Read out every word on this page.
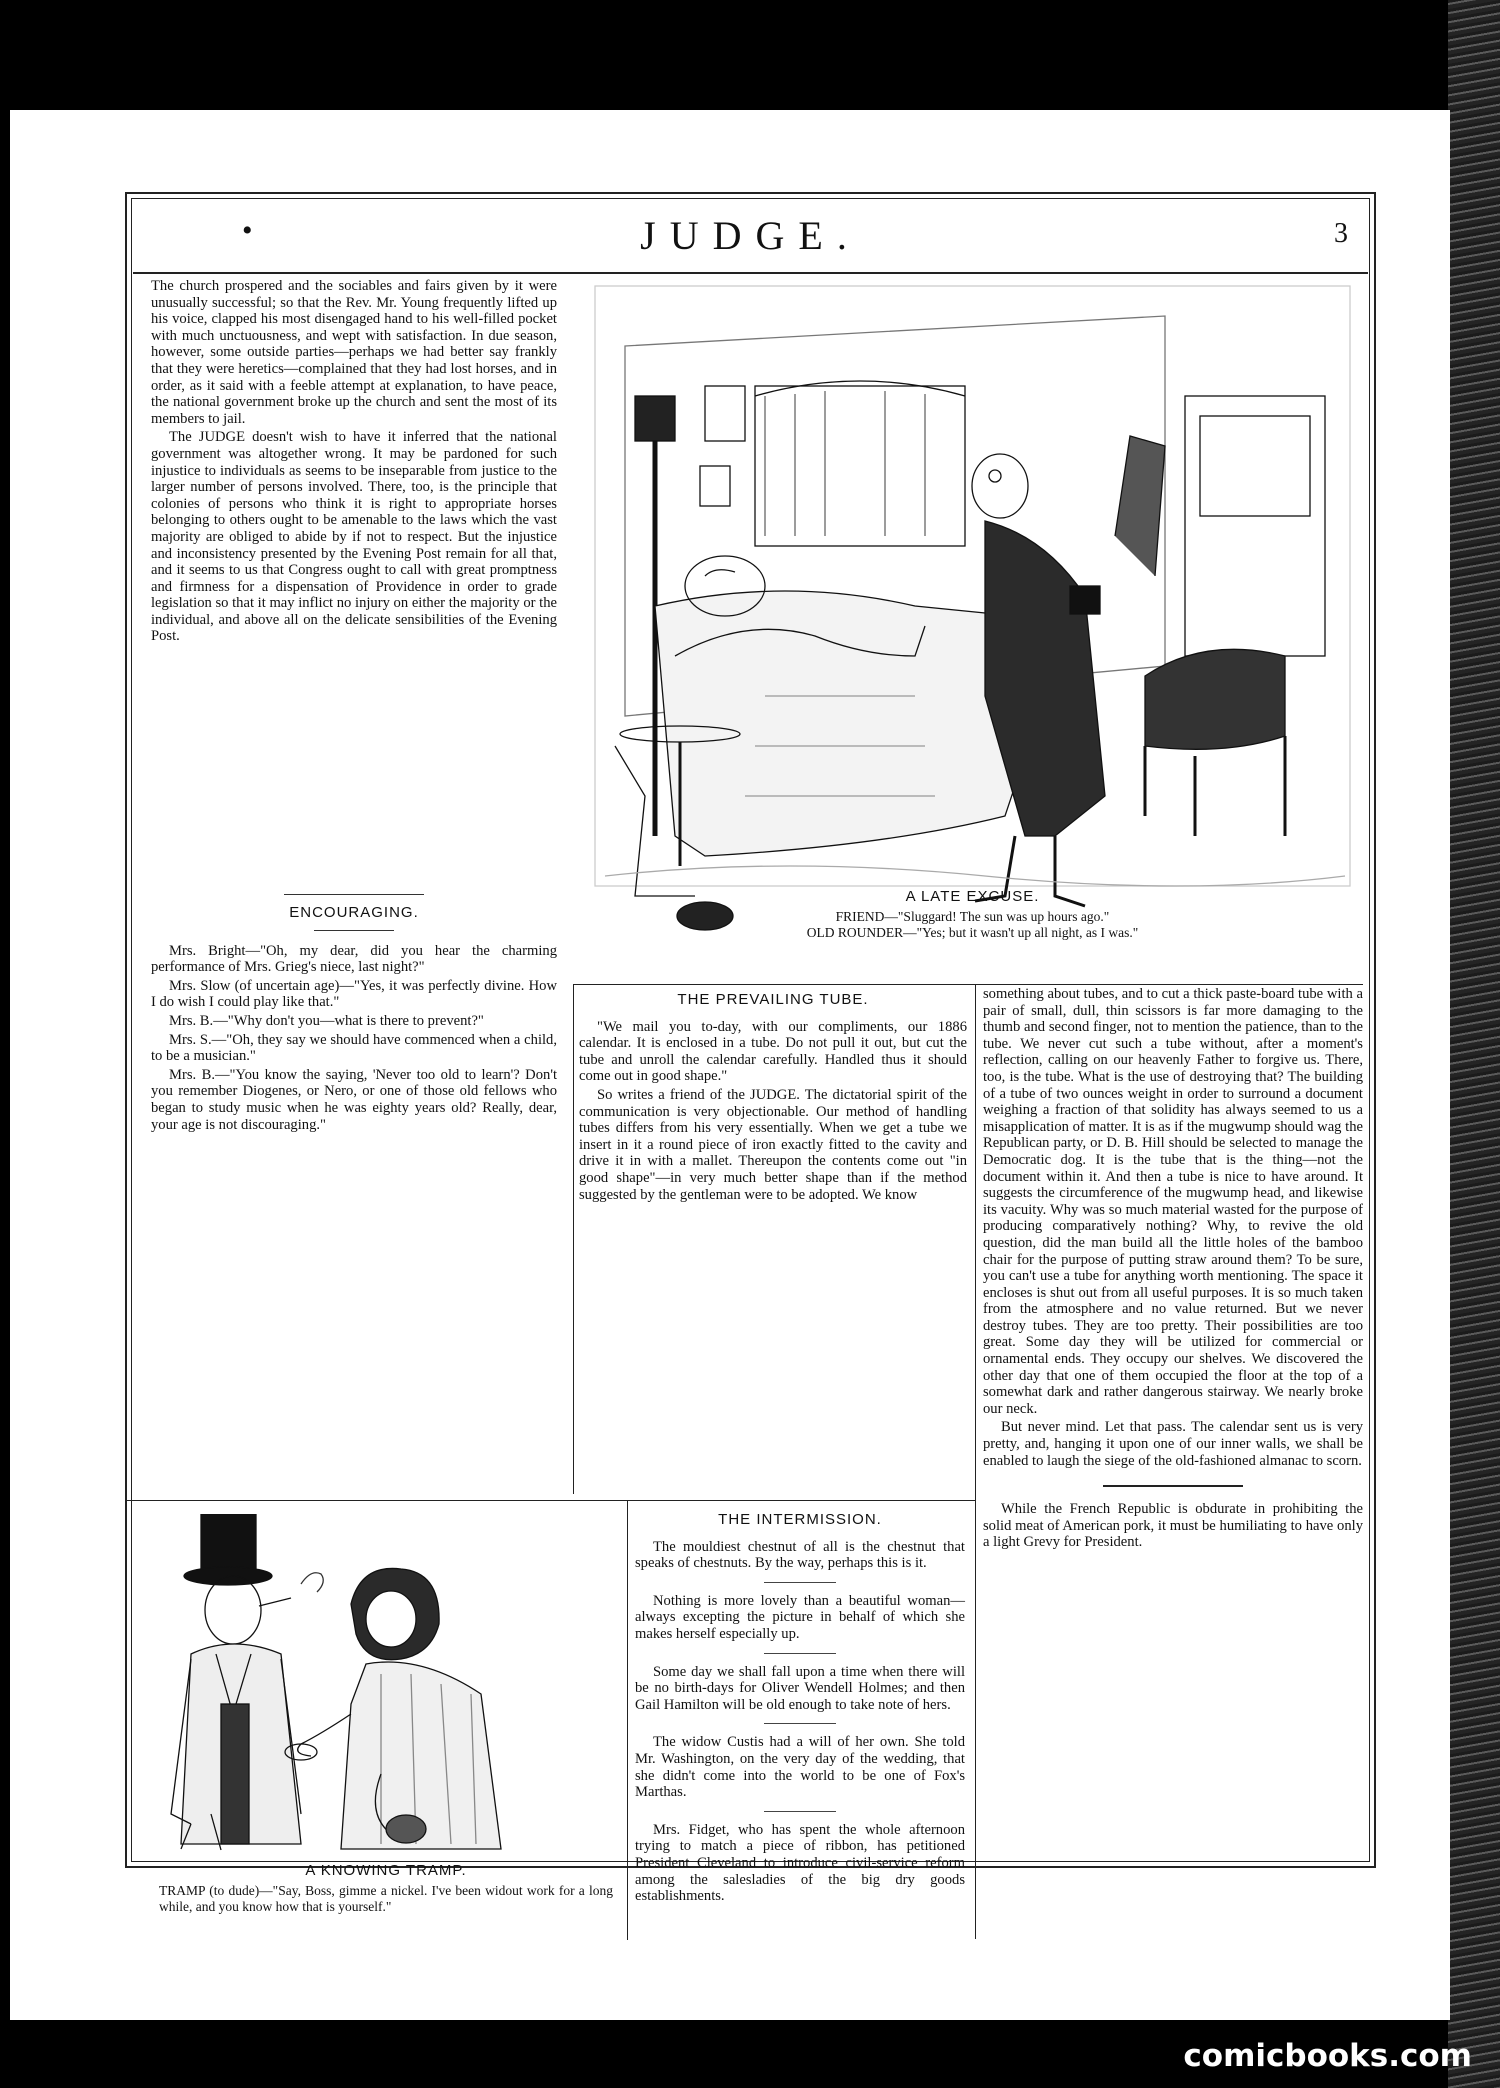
•	JUDGE.	3

The church prospered and the sociables and fairs given by it were unusually successful; so that the Rev. Mr. Young frequently lifted up his voice, clapped his most disengaged hand to his well-filled pocket with much unctuousness, and wept with satisfaction. In due season, however, some outside parties—perhaps we had better say frankly that they were heretics—complained that they had lost horses, and in order, as it said with a feeble attempt at explanation, to have peace, the national government broke up the church and sent the most of its members to jail.

The JUDGE doesn't wish to have it inferred that the national government was altogether wrong. It may be pardoned for such injustice to individuals as seems to be inseparable from justice to the larger number of persons involved. There, too, is the principle that colonies of persons who think it is right to appropriate horses belonging to others ought to be amenable to the laws which the vast majority are obliged to abide by if not to respect. But the injustice and inconsistency presented by the Evening Post remain for all that, and it seems to us that Congress ought to call with great promptness and firmness for a dispensation of Providence in order to grade legislation so that it may inflict no injury on either the majority or the individual, and above all on the delicate sensibilities of the Evening Post.

ENCOURAGING.

Mrs. Bright—"Oh, my dear, did you hear the charming performance of Mrs. Grieg's niece, last night?"

Mrs. Slow (of uncertain age)—"Yes, it was perfectly divine. How I do wish I could play like that."

Mrs. B.—"Why don't you—what is there to prevent?"

Mrs. S.—"Oh, they say we should have commenced when a child, to be a musician."

Mrs. B.—"You know the saying, 'Never too old to learn'? Don't you remember Diogenes, or Nero, or one of those old fellows who began to study music when he was eighty years old? Really, dear, your age is not discouraging."

A LATE EXCUSE.
FRIEND—"Sluggard! The sun was up hours ago."
OLD ROUNDER—"Yes; but it wasn't up all night, as I was."
THE PREVAILING TUBE.

"We mail you to-day, with our compliments, our 1886 calendar. It is enclosed in a tube. Do not pull it out, but cut the tube and unroll the calendar carefully. Handled thus it should come out in good shape."

So writes a friend of the JUDGE. The dictatorial spirit of the communication is very objectionable. Our method of handling tubes differs from his very essentially. When we get a tube we insert in it a round piece of iron exactly fitted to the cavity and drive it in with a mallet. Thereupon the contents come out "in good shape"—in very much better shape than if the method suggested by the gentleman were to be adopted. We know

something about tubes, and to cut a thick paste-board tube with a pair of small, dull, thin scissors is far more damaging to the thumb and second finger, not to mention the patience, than to the tube. We never cut such a tube without, after a moment's reflection, calling on our heavenly Father to forgive us. There, too, is the tube. What is the use of destroying that? The building of a tube of two ounces weight in order to surround a document weighing a fraction of that solidity has always seemed to us a misapplication of matter. It is as if the mugwump should wag the Republican party, or D. B. Hill should be selected to manage the Democratic dog. It is the tube that is the thing—not the document within it. And then a tube is nice to have around. It suggests the circumference of the mugwump head, and likewise its vacuity. Why was so much material wasted for the purpose of producing comparatively nothing? Why, to revive the old question, did the man build all the little holes of the bamboo chair for the purpose of putting straw around them? To be sure, you can't use a tube for anything worth mentioning. The space it encloses is shut out from all useful purposes. It is so much taken from the atmosphere and no value returned. But we never destroy tubes. They are too pretty. Their possibilities are too great. Some day they will be utilized for commercial or ornamental ends. They occupy our shelves. We discovered the other day that one of them occupied the floor at the top of a somewhat dark and rather dangerous stairway. We nearly broke our neck.

But never mind. Let that pass. The calendar sent us is very pretty, and, hanging it upon one of our inner walls, we shall be enabled to laugh the siege of the old-fashioned almanac to scorn.

While the French Republic is obdurate in prohibiting the solid meat of American pork, it must be humiliating to have only a light Grevy for President.

THE INTERMISSION.

The mouldiest chestnut of all is the chestnut that speaks of chestnuts. By the way, perhaps this is it.

Nothing is more lovely than a beautiful woman—always excepting the picture in behalf of which she makes herself especially up.

Some day we shall fall upon a time when there will be no birth-days for Oliver Wendell Holmes; and then Gail Hamilton will be old enough to take note of hers.

The widow Custis had a will of her own. She told Mr. Washington, on the very day of the wedding, that she didn't come into the world to be one of Fox's Marthas.

Mrs. Fidget, who has spent the whole afternoon trying to match a piece of ribbon, has petitioned President Cleveland to introduce civil-service reform among the salesladies of the big dry goods establishments.

A KNOWING TRAMP.
TRAMP (to dude)—"Say, Boss, gimme a nickel. I've been widout work for a long while, and you know how that is yourself."
comicbooks.com
